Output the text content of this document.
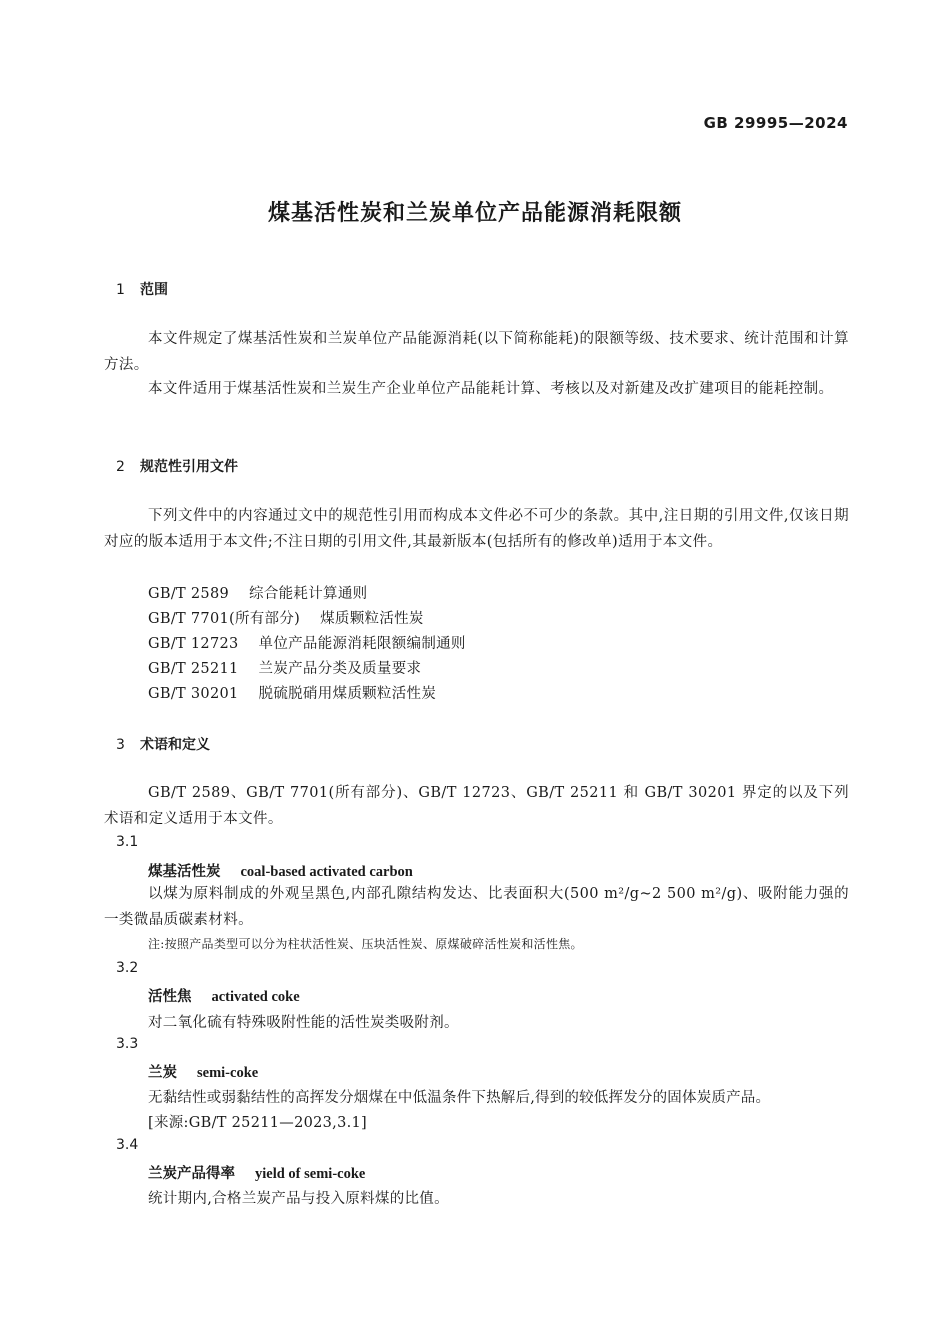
GB 29995—2024
煤基活性炭和兰炭单位产品能源消耗限额
1 范围
本文件规定了煤基活性炭和兰炭单位产品能源消耗(以下简称能耗)的限额等级、技术要求、统计范围和计算方法。
本文件适用于煤基活性炭和兰炭生产企业单位产品能耗计算、考核以及对新建及改扩建项目的能耗控制。
2 规范性引用文件
下列文件中的内容通过文中的规范性引用而构成本文件必不可少的条款。其中,注日期的引用文件,仅该日期对应的版本适用于本文件;不注日期的引用文件,其最新版本(包括所有的修改单)适用于本文件。
GB/T 2589 综合能耗计算通则
GB/T 7701(所有部分) 煤质颗粒活性炭
GB/T 12723 单位产品能源消耗限额编制通则
GB/T 25211 兰炭产品分类及质量要求
GB/T 30201 脱硫脱硝用煤质颗粒活性炭
3 术语和定义
GB/T 2589、GB/T 7701(所有部分)、GB/T 12723、GB/T 25211 和 GB/T 30201 界定的以及下列术语和定义适用于本文件。
3.1
煤基活性炭 coal-based activated carbon
以煤为原料制成的外观呈黑色,内部孔隙结构发达、比表面积大(500 m²/g~2 500 m²/g)、吸附能力强的一类微晶质碳素材料。
注:按照产品类型可以分为柱状活性炭、压块活性炭、原煤破碎活性炭和活性焦。
3.2
活性焦 activated coke
对二氧化硫有特殊吸附性能的活性炭类吸附剂。
3.3
兰炭 semi-coke
无黏结性或弱黏结性的高挥发分烟煤在中低温条件下热解后,得到的较低挥发分的固体炭质产品。
[来源:GB/T 25211—2023,3.1]
3.4
兰炭产品得率 yield of semi-coke
统计期内,合格兰炭产品与投入原料煤的比值。
